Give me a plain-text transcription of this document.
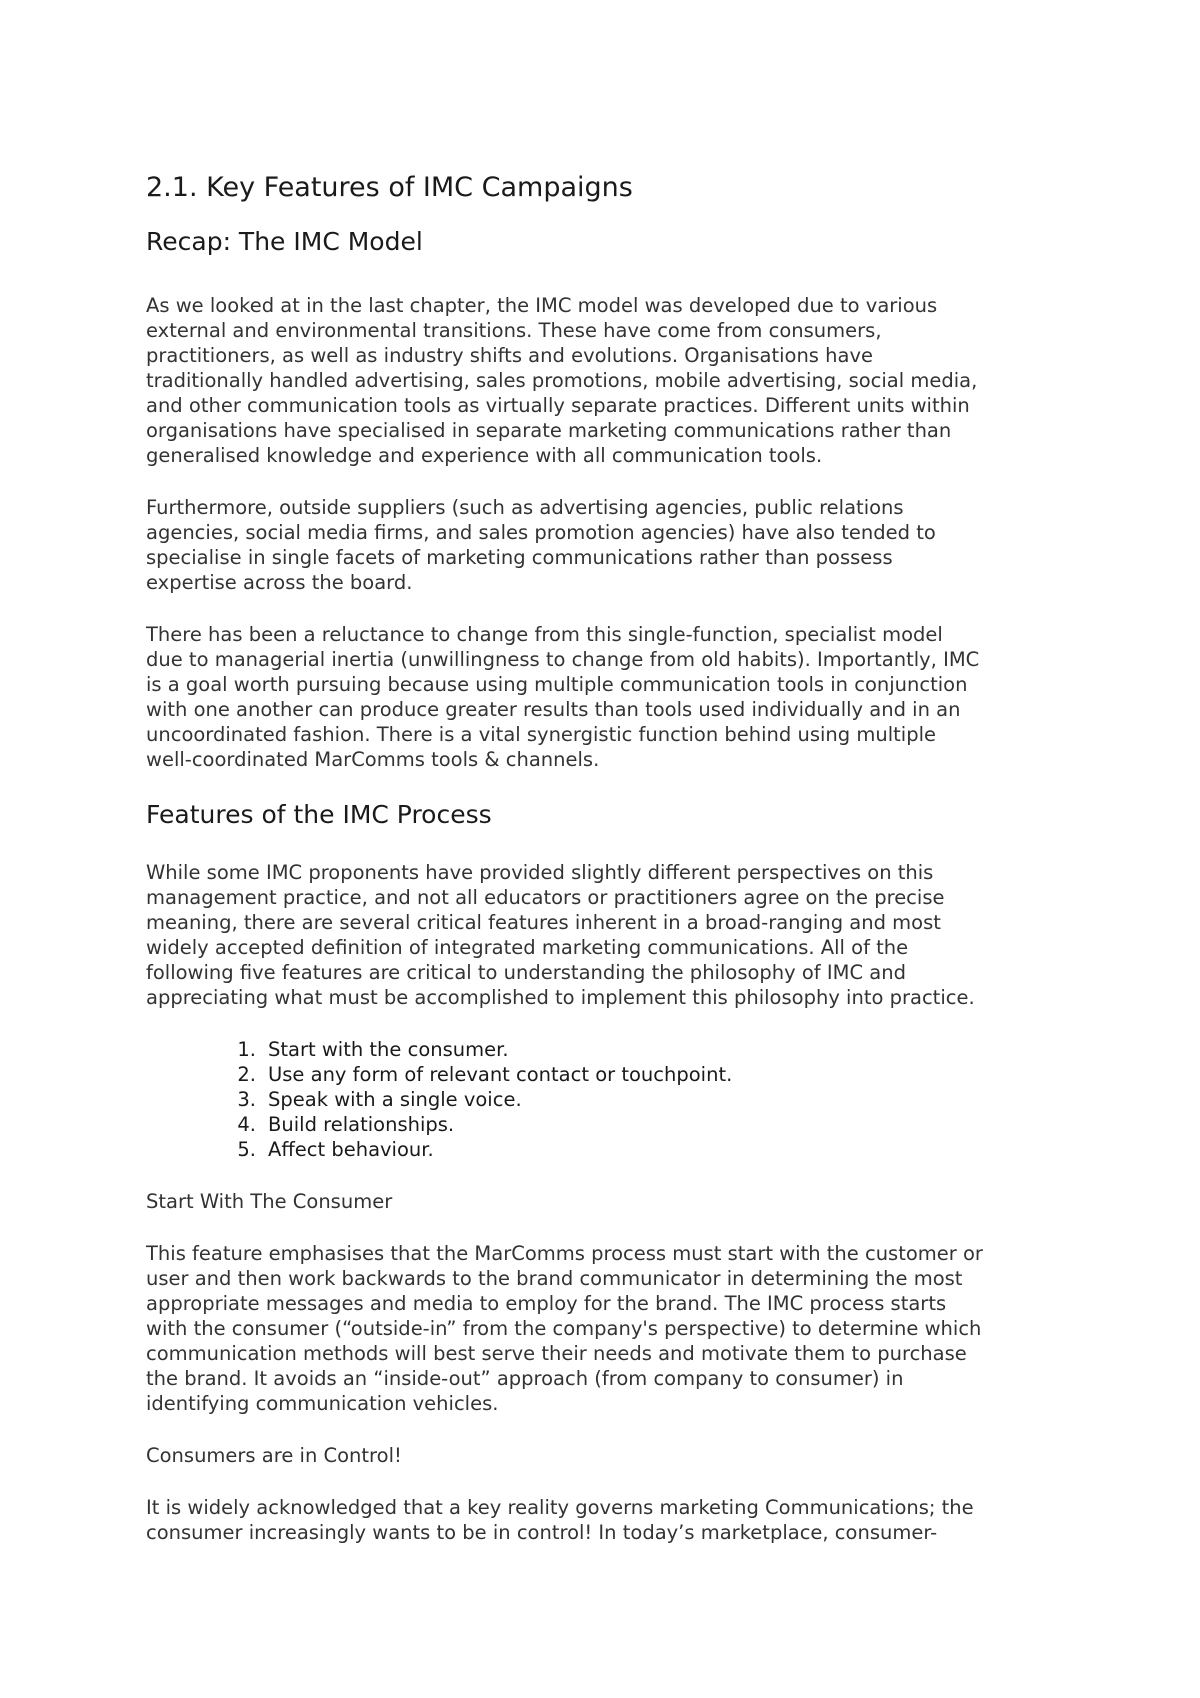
2.1. Key Features of IMC Campaigns
Recap: The IMC Model

As we looked at in the last chapter, the IMC model was developed due to various
external and environmental transitions. These have come from consumers,
practitioners, as well as industry shifts and evolutions. Organisations have
traditionally handled advertising, sales promotions, mobile advertising, social media,
and other communication tools as virtually separate practices. Different units within
organisations have specialised in separate marketing communications rather than
generalised knowledge and experience with all communication tools.

Furthermore, outside suppliers (such as advertising agencies, public relations
agencies, social media firms, and sales promotion agencies) have also tended to
specialise in single facets of marketing communications rather than possess
expertise across the board.

There has been a reluctance to change from this single-function, specialist model
due to managerial inertia (unwillingness to change from old habits). Importantly, IMC
is a goal worth pursuing because using multiple communication tools in conjunction
with one another can produce greater results than tools used individually and in an
uncoordinated fashion. There is a vital synergistic function behind using multiple
well-coordinated MarComms tools & channels.

Features of the IMC Process

While some IMC proponents have provided slightly different perspectives on this
management practice, and not all educators or practitioners agree on the precise
meaning, there are several critical features inherent in a broad-ranging and most
widely accepted definition of integrated marketing communications. All of the
following five features are critical to understanding the philosophy of IMC and
appreciating what must be accomplished to implement this philosophy into practice.

1. Start with the consumer.
2. Use any form of relevant contact or touchpoint.
3. Speak with a single voice.
4. Build relationships.
5. Affect behaviour.

Start With The Consumer

This feature emphasises that the MarComms process must start with the customer or
user and then work backwards to the brand communicator in determining the most
appropriate messages and media to employ for the brand. The IMC process starts
with the consumer (“outside-in” from the company's perspective) to determine which
communication methods will best serve their needs and motivate them to purchase
the brand. It avoids an “inside-out” approach (from company to consumer) in
identifying communication vehicles.

Consumers are in Control!

It is widely acknowledged that a key reality governs marketing Communications; the
consumer increasingly wants to be in control! In today’s marketplace, consumer-
